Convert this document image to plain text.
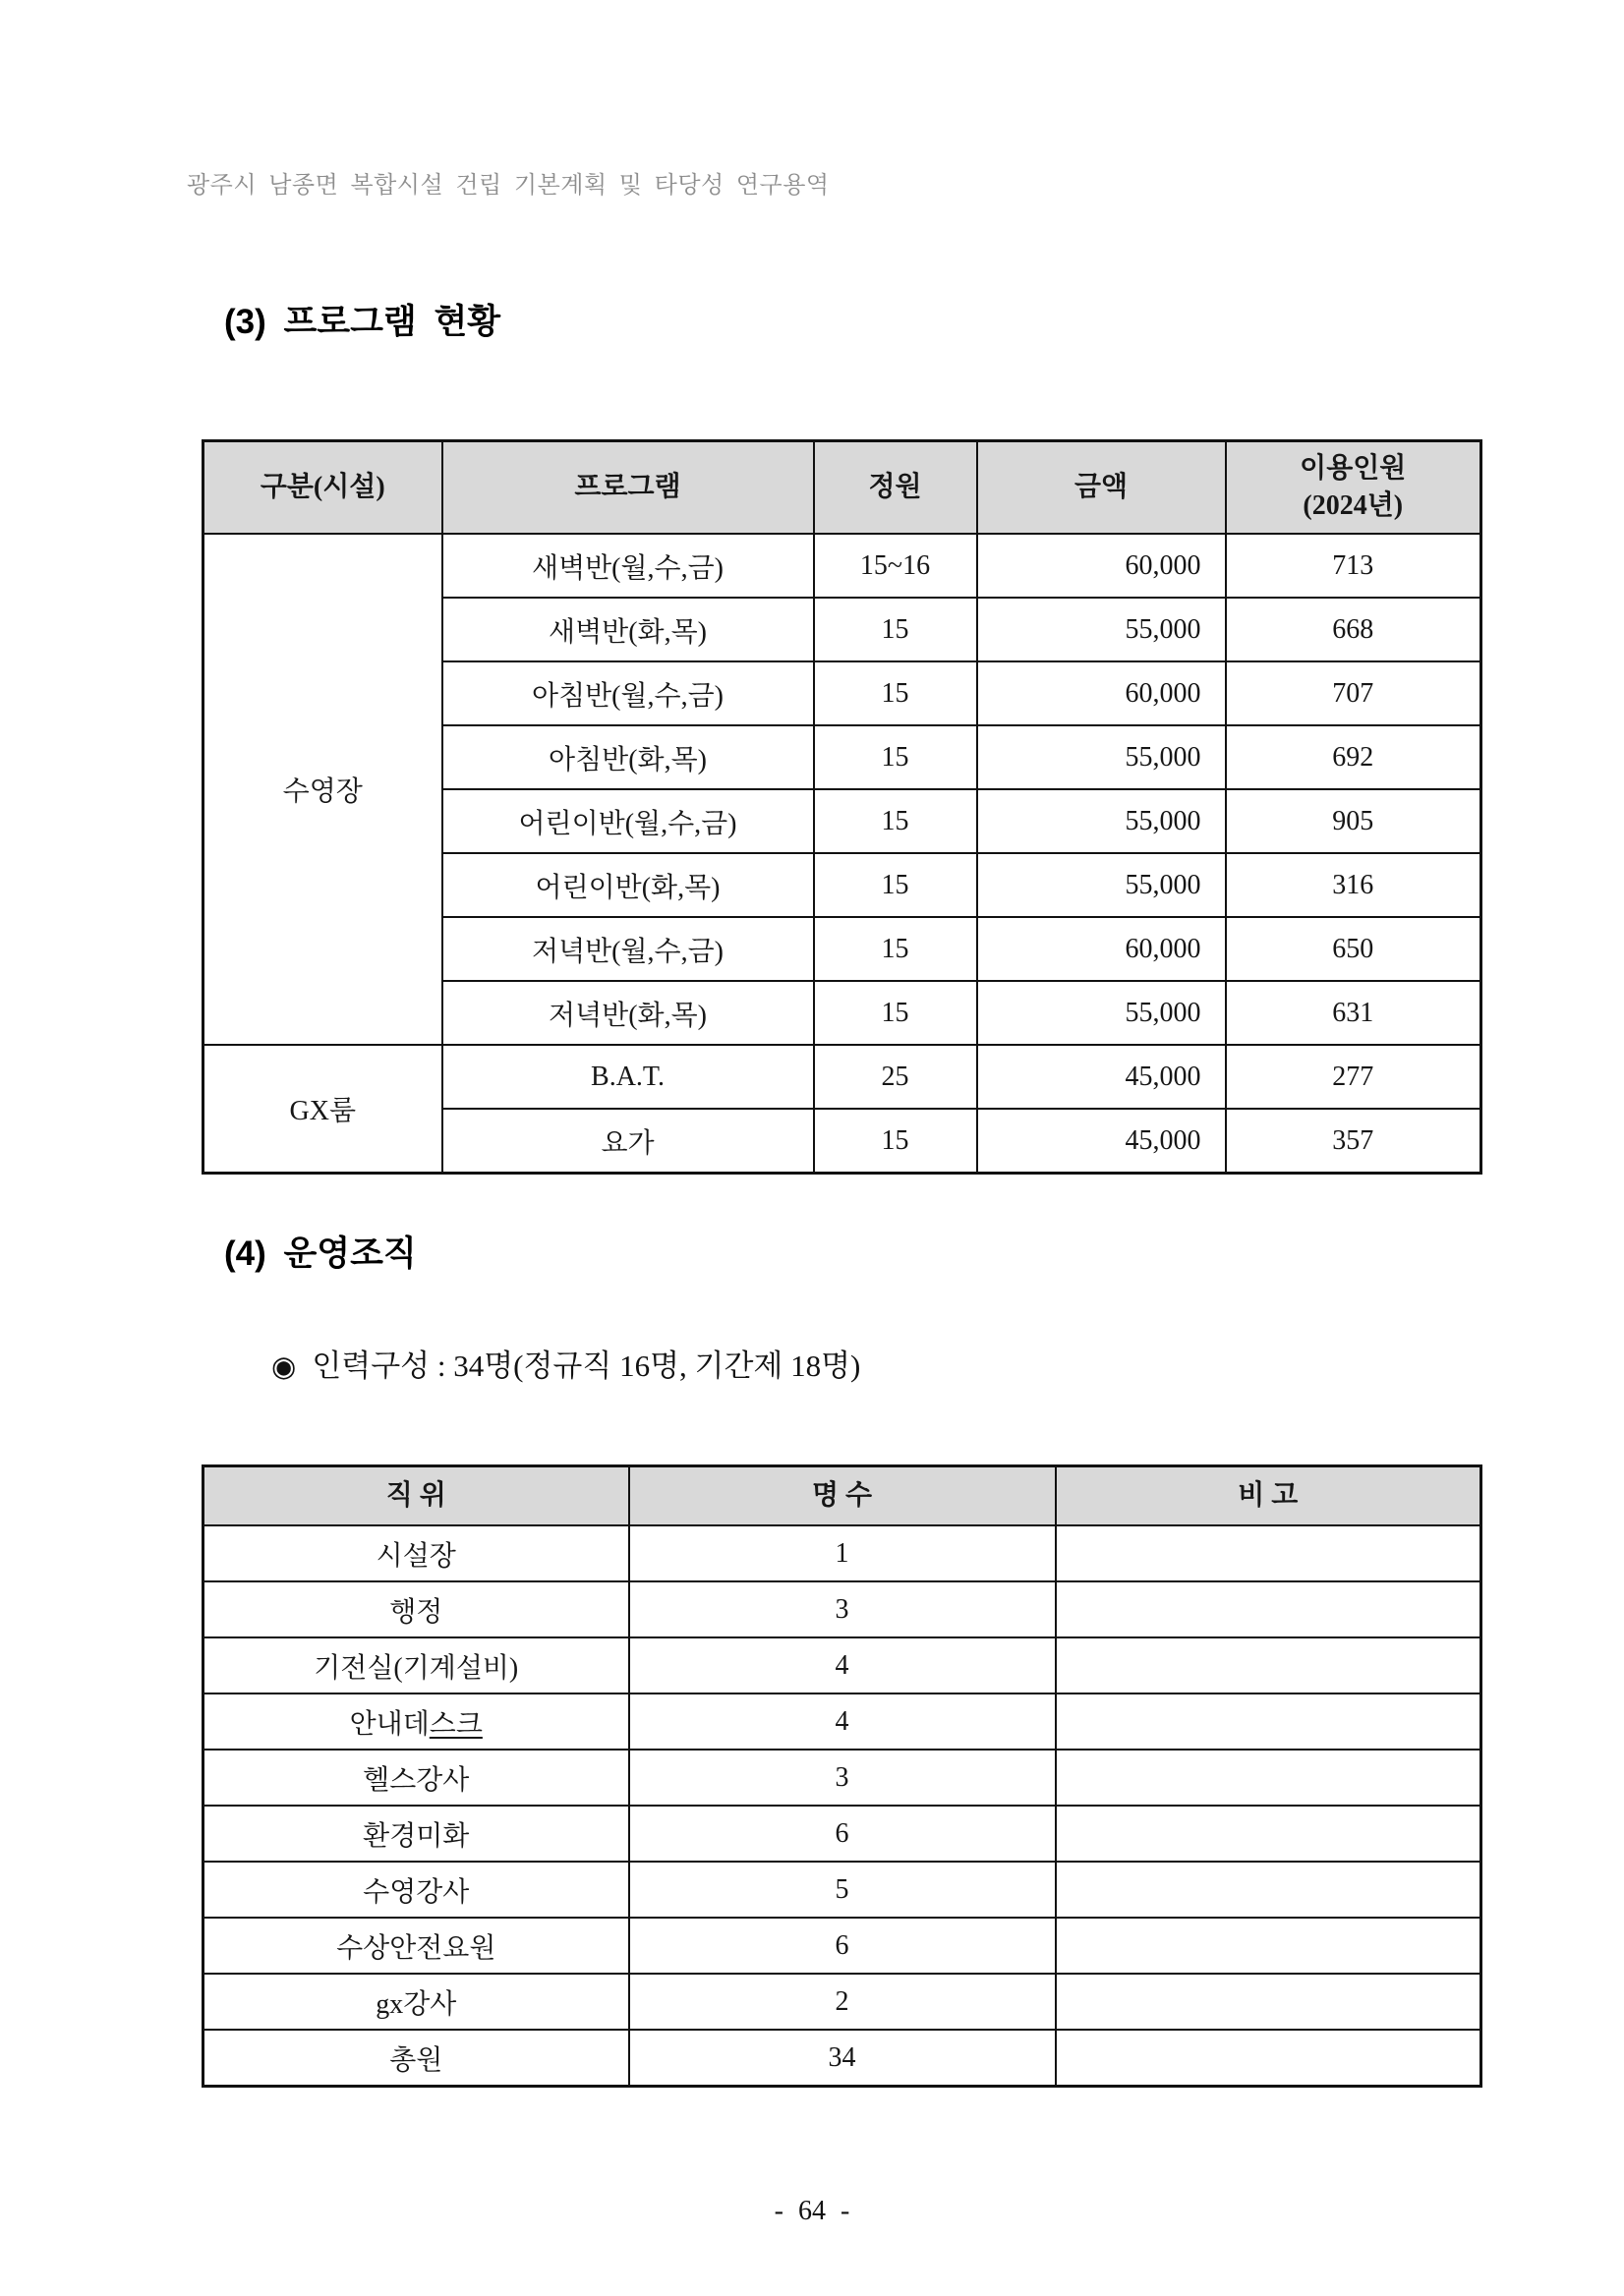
광주시 남종면 복합시설 건립 기본계획 및 타당성 연구용역
(3) 프로그램 현황
구분(시설)	프로그램	정원	금액	이용인원
(2024년)

수영장	새벽반(월,수,금)	15~16	60,000	713
	새벽반(화,목)	15	55,000	668
	아침반(월,수,금)	15	60,000	707
	아침반(화,목)	15	55,000	692
	어린이반(월,수,금)	15	55,000	905
	어린이반(화,목)	15	55,000	316
	저녁반(월,수,금)	15	60,000	650
	저녁반(화,목)	15	55,000	631
GX룸	B.A.T.	25	45,000	277
	요가	15	45,000	357
(4) 운영조직
◉ 인력구성 : 34명(정규직 16명, 기간제 18명)
직 위	명 수	비 고
시설장	1	
행정	3	
기전실(기계설비)	4	
안내데스크	4	
헬스강사	3	
환경미화	6	
수영강사	5	
수상안전요원	6	
gx강사	2	
총원	34	
- 64 -
